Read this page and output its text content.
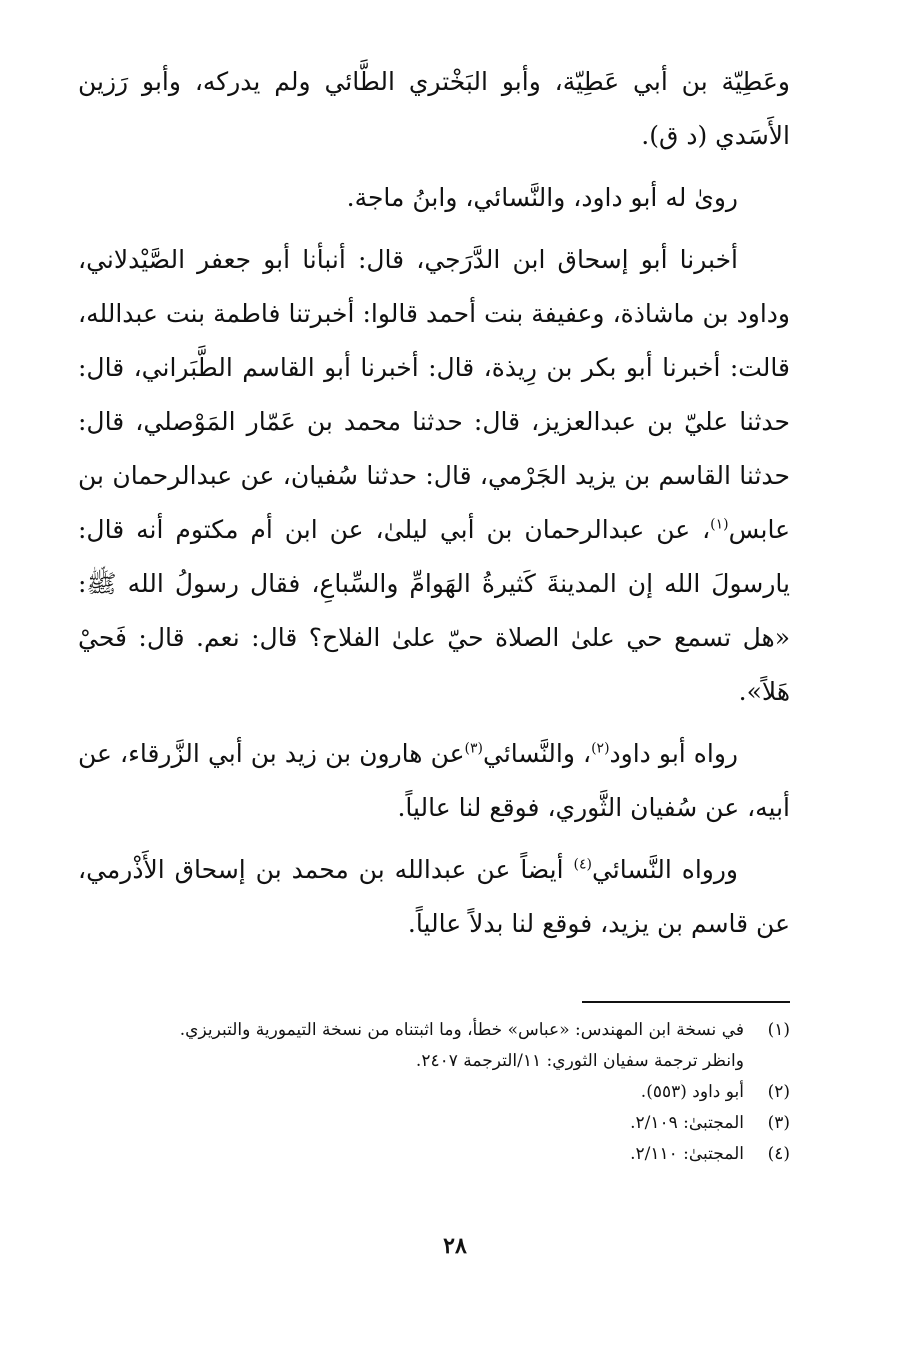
وعَطِيّة بن أبي عَطِيّة، وأبو البَخْتري الطَّائي ولم يدركه، وأبو رَزين الأَسَدي (د ق).

روىٰ له أبو داود، والنَّسائي، وابنُ ماجة.

أخبرنا أبو إسحاق ابن الدَّرَجي، قال: أنبأنا أبو جعفر الصَّيْدلاني، وداود بن ماشاذة، وعفيفة بنت أحمد قالوا: أخبرتنا فاطمة بنت عبدالله، قالت: أخبرنا أبو بكر بن رِيذة، قال: أخبرنا أبو القاسم الطَّبَراني، قال: حدثنا عليّ بن عبدالعزيز، قال: حدثنا محمد بن عَمّار المَوْصلي، قال: حدثنا القاسم بن يزيد الجَرْمي، قال: حدثنا سُفيان، عن عبدالرحمان بن عابس$^{(١)}$، عن عبدالرحمان بن أبي ليلىٰ، عن ابن أم مكتوم أنه قال: يارسولَ الله إن المدينةَ كَثيرةُ الهَوامِّ والسِّباعِ، فقال رسولُ الله ﷺ: «هل تسمع حي علىٰ الصلاة حيّ علىٰ الفلاح؟ قال: نعم. قال: فَحيْ هَلاً».

رواه أبو داود$^{(٢)}$، والنَّسائي$^{(٣)}$عن هارون بن زيد بن أبي الزَّرقاء، عن أبيه، عن سُفيان الثَّوري، فوقع لنا عالياً.

ورواه النَّسائي$^{(٤)}$ أيضاً عن عبدالله بن محمد بن إسحاق الأَذْرمي، عن قاسم بن يزيد، فوقع لنا بدلاً عالياً.

(١)
في نسخة ابن المهندس: «عباس» خطأ، وما اثبتناه من نسخة التيمورية والتبريزي.
وانظر ترجمة سفيان الثوري: ١١/الترجمة ٢٤٠٧.
(٢)
أبو داود (٥٥٣).
(٣)
المجتبىٰ: ٢/١٠٩.
(٤)
المجتبىٰ: ٢/١١٠.
٢٨
